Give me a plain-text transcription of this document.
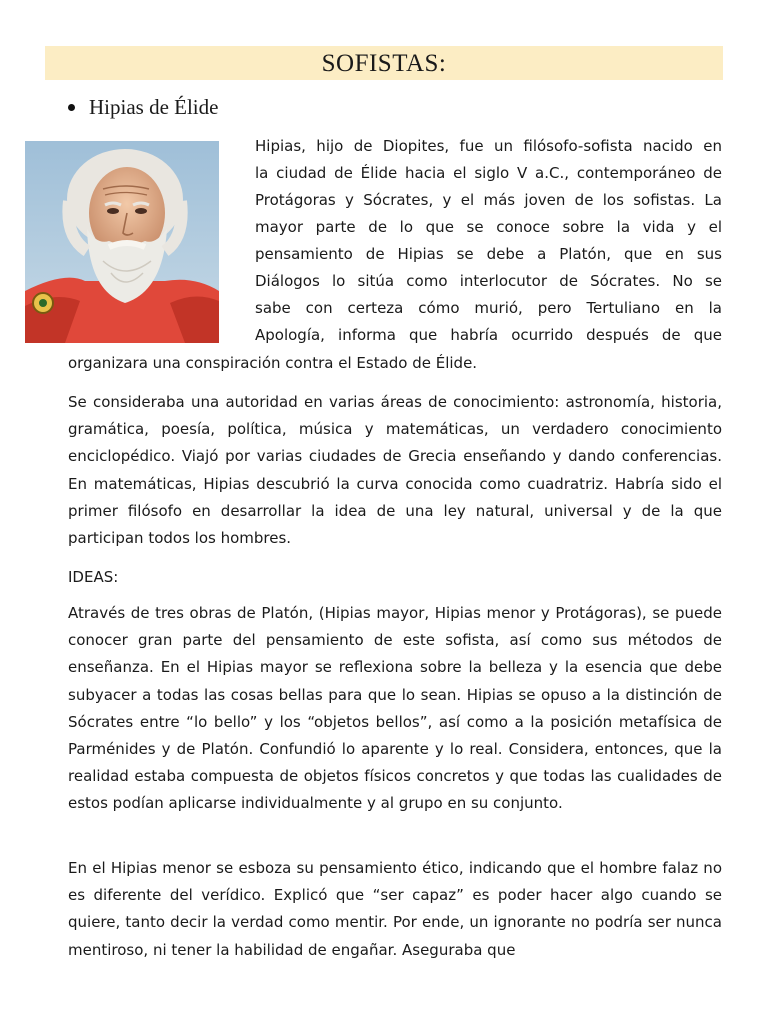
SOFISTAS:
Hipias de Élide
Hipias, hijo de Diopites, fue un filósofo-sofista nacido en
la ciudad de Élide hacia el siglo V a.C., contemporáneo de
Protágoras y Sócrates, y el más joven de los sofistas. La
mayor parte de lo que se conoce sobre la vida y el
pensamiento de Hipias se debe a Platón, que en sus
Diálogos lo sitúa como interlocutor de Sócrates. No se
sabe con certeza cómo murió, pero Tertuliano en la
Apología, informa que habría ocurrido después de que
organizara una conspiración contra el Estado de Élide.

Se consideraba una autoridad en varias áreas de conocimiento: astronomía, historia, gramática, poesía, política, música y matemáticas, un verdadero conocimiento enciclopédico. Viajó por varias ciudades de Grecia enseñando y dando conferencias. En matemáticas, Hipias descubrió la curva conocida como cuadratriz. Habría sido el primer filósofo en desarrollar la idea de una ley natural, universal y de la que participan todos los hombres.

IDEAS:

Através de tres obras de Platón, (Hipias mayor, Hipias menor y Protágoras), se puede conocer gran parte del pensamiento de este sofista, así como sus métodos de enseñanza. En el Hipias mayor se reflexiona sobre la belleza y la esencia que debe subyacer a todas las cosas bellas para que lo sean. Hipias se opuso a la distinción de Sócrates entre “lo bello” y los “objetos bellos”, así como a la posición metafísica de Parménides y de Platón. Confundió lo aparente y lo real. Considera, entonces, que la realidad estaba compuesta de objetos físicos concretos y que todas las cualidades de estos podían aplicarse individualmente y al grupo en su conjunto.

En el Hipias menor se esboza su pensamiento ético, indicando que el hombre falaz no es diferente del verídico. Explicó que “ser capaz” es poder hacer algo cuando se quiere, tanto decir la verdad como mentir. Por ende, un ignorante no podría ser nunca mentiroso, ni tener la habilidad de engañar. Aseguraba que
